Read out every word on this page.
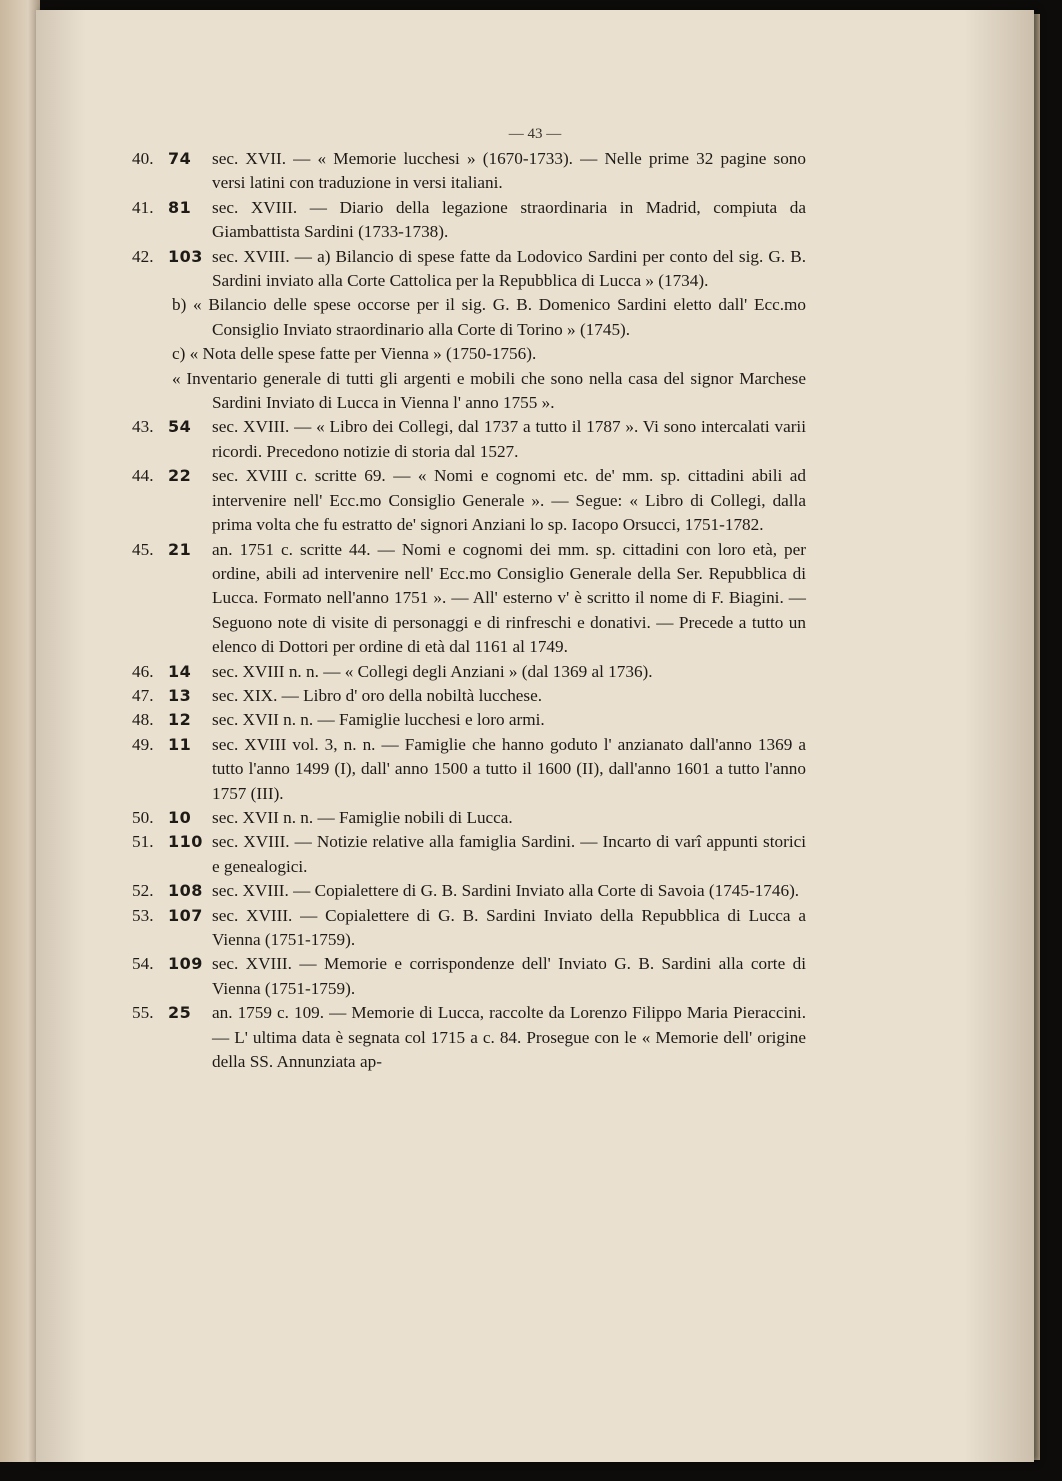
— 43 —
40. 74 sec. XVII. — « Memorie lucchesi » (1670-1733). — Nelle prime 32 pagine sono versi latini con traduzione in versi italiani.
41. 81 sec. XVIII. — Diario della legazione straordinaria in Madrid, compiuta da Giambattista Sardini (1733-1738).
42. 103 sec. XVIII. — a) Bilancio di spese fatte da Lodovico Sardini per conto del sig. G. B. Sardini inviato alla Corte Cattolica per la Repubblica di Lucca » (1734).
b) « Bilancio delle spese occorse per il sig. G. B. Domenico Sardini eletto dall' Ecc.mo Consiglio Inviato straordinario alla Corte di Torino » (1745).
c) « Nota delle spese fatte per Vienna » (1750-1756).
« Inventario generale di tutti gli argenti e mobili che sono nella casa del signor Marchese Sardini Inviato di Lucca in Vienna l' anno 1755 ».
43. 54 sec. XVIII. — « Libro dei Collegi, dal 1737 a tutto il 1787 ». Vi sono intercalati varii ricordi. Precedono notizie di storia dal 1527.
44. 22 sec. XVIII c. scritte 69. — « Nomi e cognomi etc. de' mm. sp. cittadini abili ad intervenire nell' Ecc.mo Consiglio Generale ». — Segue: « Libro di Collegi, dalla prima volta che fu estratto de' signori Anziani lo sp. Iacopo Orsucci, 1751-1782.
45. 21 an. 1751 c. scritte 44. — Nomi e cognomi dei mm. sp. cittadini con loro età, per ordine, abili ad intervenire nell' Ecc.mo Consiglio Generale della Ser. Repubblica di Lucca. Formato nell'anno 1751 ». — All' esterno v' è scritto il nome di F. Biagini. — Seguono note di visite di personaggi e di rinfreschi e donativi. — Precede a tutto un elenco di Dottori per ordine di età dal 1161 al 1749.
46. 14 sec. XVIII n. n. — « Collegi degli Anziani » (dal 1369 al 1736).
47. 13 sec. XIX. — Libro d' oro della nobiltà lucchese.
48. 12 sec. XVII n. n. — Famiglie lucchesi e loro armi.
49. 11 sec. XVIII vol. 3, n. n. — Famiglie che hanno goduto l' anzianato dall'anno 1369 a tutto l'anno 1499 (I), dall' anno 1500 a tutto il 1600 (II), dall'anno 1601 a tutto l'anno 1757 (III).
50. 10 sec. XVII n. n. — Famiglie nobili di Lucca.
51. 110 sec. XVIII. — Notizie relative alla famiglia Sardini. — Incarto di varî appunti storici e genealogici.
52. 108 sec. XVIII. — Copialettere di G. B. Sardini Inviato alla Corte di Savoia (1745-1746).
53. 107 sec. XVIII. — Copialettere di G. B. Sardini Inviato della Repubblica di Lucca a Vienna (1751-1759).
54. 109 sec. XVIII. — Memorie e corrispondenze dell' Inviato G. B. Sardini alla corte di Vienna (1751-1759).
55. 25 an. 1759 c. 109. — Memorie di Lucca, raccolte da Lorenzo Filippo Maria Pieraccini. — L' ultima data è segnata col 1715 a c. 84. Prosegue con le « Memorie dell' origine della SS. Annunziata ap-
